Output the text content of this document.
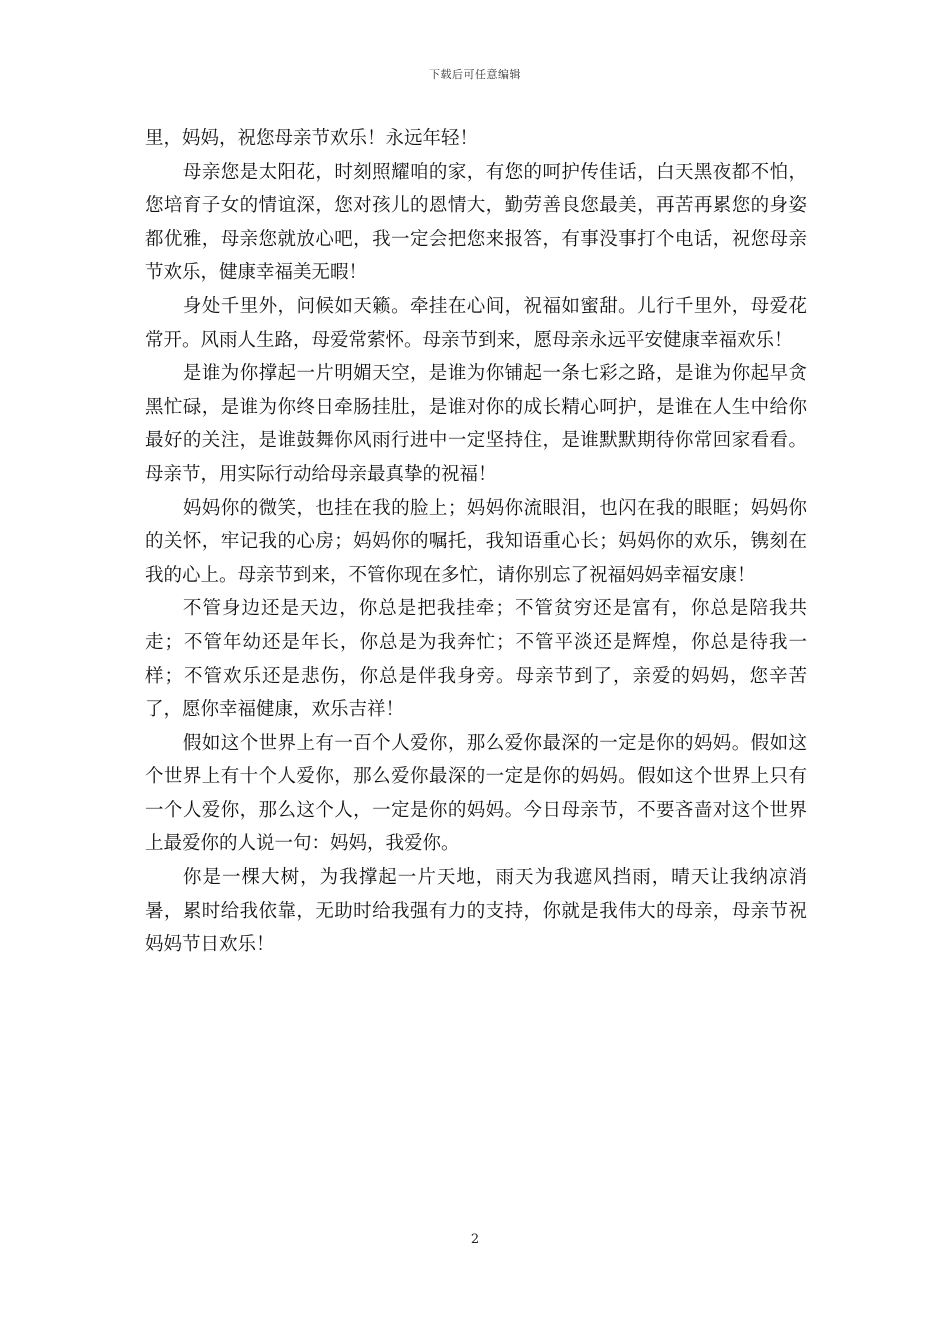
下载后可任意编辑

里，妈妈，祝您母亲节欢乐！永远年轻！

母亲您是太阳花，时刻照耀咱的家，有您的呵护传佳话，白天黑夜都不怕，您培育子女的情谊深，您对孩儿的恩情大，勤劳善良您最美，再苦再累您的身姿都优雅，母亲您就放心吧，我一定会把您来报答，有事没事打个电话，祝您母亲节欢乐，健康幸福美无暇！

身处千里外，问候如天籁。牵挂在心间，祝福如蜜甜。儿行千里外，母爱花常开。风雨人生路，母爱常萦怀。母亲节到来，愿母亲永远平安健康幸福欢乐！

是谁为你撑起一片明媚天空，是谁为你铺起一条七彩之路，是谁为你起早贪黑忙碌，是谁为你终日牵肠挂肚，是谁对你的成长精心呵护，是谁在人生中给你最好的关注，是谁鼓舞你风雨行进中一定坚持住，是谁默默期待你常回家看看。母亲节，用实际行动给母亲最真挚的祝福！

妈妈你的微笑，也挂在我的脸上；妈妈你流眼泪，也闪在我的眼眶；妈妈你的关怀，牢记我的心房；妈妈你的嘱托，我知语重心长；妈妈你的欢乐，镌刻在我的心上。母亲节到来，不管你现在多忙，请你别忘了祝福妈妈幸福安康！

不管身边还是天边，你总是把我挂牵；不管贫穷还是富有，你总是陪我共走；不管年幼还是年长，你总是为我奔忙；不管平淡还是辉煌，你总是待我一样；不管欢乐还是悲伤，你总是伴我身旁。母亲节到了，亲爱的妈妈，您辛苦了，愿你幸福健康，欢乐吉祥！

假如这个世界上有一百个人爱你，那么爱你最深的一定是你的妈妈。假如这个世界上有十个人爱你，那么爱你最深的一定是你的妈妈。假如这个世界上只有一个人爱你，那么这个人，一定是你的妈妈。今日母亲节，不要吝啬对这个世界上最爱你的人说一句：妈妈，我爱你。

你是一棵大树，为我撑起一片天地，雨天为我遮风挡雨，晴天让我纳凉消暑，累时给我依靠，无助时给我强有力的支持，你就是我伟大的母亲，母亲节祝妈妈节日欢乐！

2
